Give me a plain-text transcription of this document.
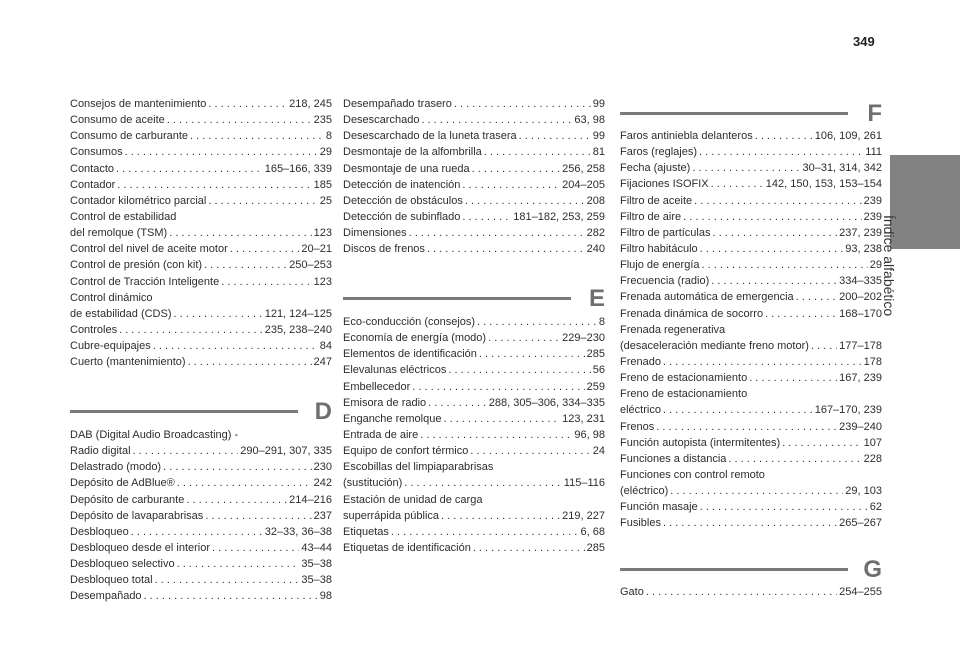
349
Índice alfabético
Consejos de mantenimiento . . .	218, 245
Consumo de aceite . . .	235
Consumo de carburante . . .	8
Consumos . . .	29
Contacto . . .	165–166, 339
Contador . . .	185
Contador kilométrico parcial . . .	25
Control de estabilidad
del remolque (TSM) . . .	123
Control del nivel de aceite motor . . .	20–21
Control de presión (con kit) . . .	250–253
Control de Tracción Inteligente . . .	123
Control dinámico
de estabilidad (CDS) . . .	121, 124–125
Controles . . .	235, 238–240
Cubre-equipajes . . .	84
Cuerto (mantenimiento) . . .	247
D
DAB (Digital Audio Broadcasting) -
Radio digital . . .	290–291, 307, 335
Delastrado (modo) . . .	230
Depósito de AdBlue® . . .	242
Depósito de carburante . . .	214–216
Depósito de lavaparabrisas . . .	237
Desbloqueo . . .	32–33, 36–38
Desbloqueo desde el interior . . .	43–44
Desbloqueo selectivo . . .	35–38
Desbloqueo total . . .	35–38
Desempañado . . .	98
Desempañado trasero . . .	99
Desescarchado . . .	63, 98
Desescarchado de la luneta trasera . . .	99
Desmontaje de la alfombrilla . . .	81
Desmontaje de una rueda . . .	256, 258
Detección de inatención . . .	204–205
Detección de obstáculos . . .	208
Detección de subinflado . . .	181–182, 253, 259
Dimensiones . . .	282
Discos de frenos . . .	240
E
Eco-conducción (consejos) . . .	8
Economía de energía (modo) . . .	229–230
Elementos de identificación . . .	285
Elevalunas eléctricos . . .	56
Embellecedor . . .	259
Emisora de radio . . .	288, 305–306, 334–335
Enganche remolque . . .	123, 231
Entrada de aire . . .	96, 98
Equipo de confort térmico . . .	24
Escobillas del limpiaparabrisas
(sustitución) . . .	115–116
Estación de unidad de carga
superrápida pública . . .	219, 227
Etiquetas . . .	6, 68
Etiquetas de identificación . . .	285
F
Faros antiniebla delanteros . . .	106, 109, 261
Faros (reglajes) . . .	111
Fecha (ajuste) . . .	30–31, 314, 342
Fijaciones ISOFIX . . .	142, 150, 153, 153–154
Filtro de aceite . . .	239
Filtro de aire . . .	239
Filtro de partículas . . .	237, 239
Filtro habitáculo . . .	93, 238
Flujo de energía . . .	29
Frecuencia (radio) . . .	334–335
Frenada automática de emergencia . . .	200–202
Frenada dinámica de socorro . . .	168–170
Frenada regenerativa
(desaceleración mediante freno motor) . . .	177–178
Frenado . . .	178
Freno de estacionamiento . . .	167, 239
Freno de estacionamiento
eléctrico . . .	167–170, 239
Frenos . . .	239–240
Función autopista (intermitentes) . . .	107
Funciones a distancia . . .	228
Funciones con control remoto
(eléctrico) . . .	29, 103
Función masaje . . .	62
Fusibles . . .	265–267
G
Gato . . .	254–255
